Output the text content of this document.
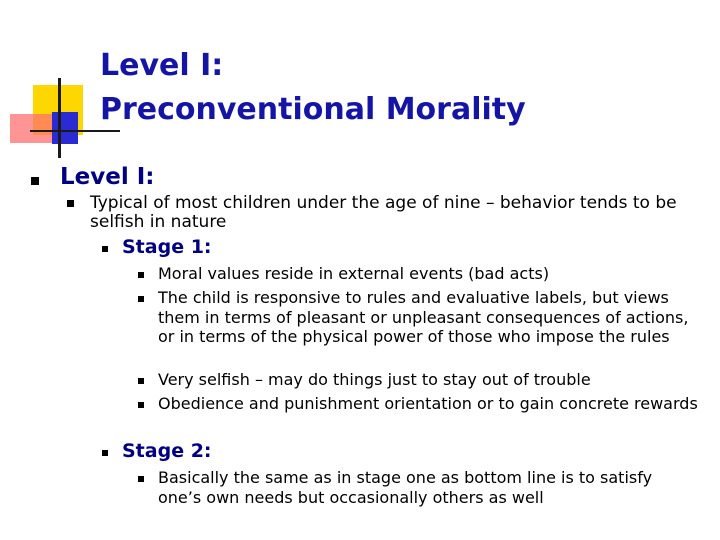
Level I:
Preconventional Morality
Level I:
Typical of most children under the age of nine – behavior tends to be selfish in nature
Stage 1:
Moral values reside in external events (bad acts)
The child is responsive to rules and evaluative labels, but views them in terms of pleasant or unpleasant consequences of actions, or in terms of the physical power of those who impose the rules
Very selfish – may do things just to stay out of trouble
Obedience and punishment orientation or to gain concrete rewards
Stage 2:
Basically the same as in stage one as bottom line is to satisfy one’s own needs but occasionally others as well
